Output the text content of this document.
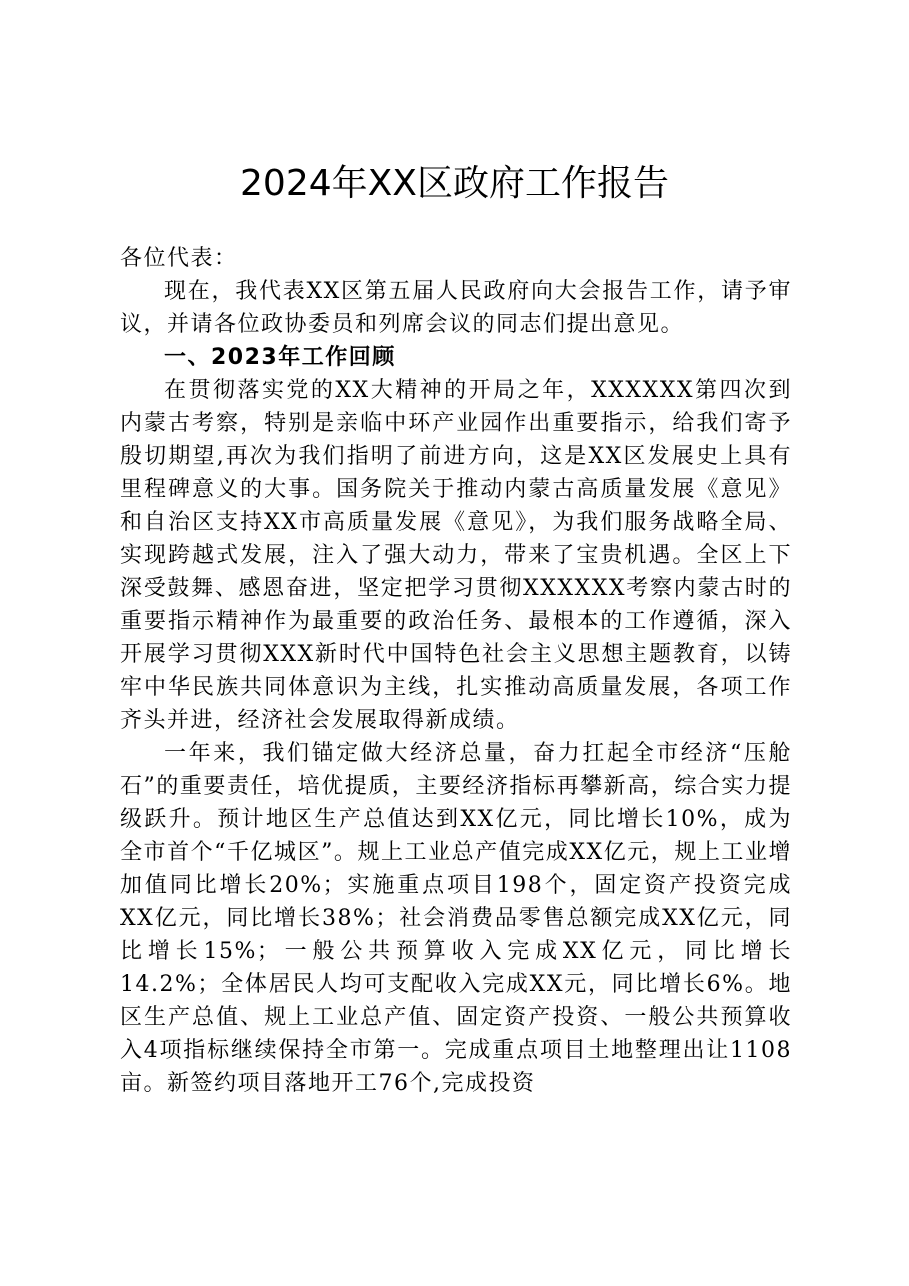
2024年XX区政府工作报告

各位代表：

现在，我代表XX区第五届人民政府向大会报告工作，请予审议，并请各位政协委员和列席会议的同志们提出意见。

一、2023年工作回顾

在贯彻落实党的XX大精神的开局之年，XXXXXX第四次到内蒙古考察，特别是亲临中环产业园作出重要指示，给我们寄予殷切期望,再次为我们指明了前进方向，这是XX区发展史上具有里程碑意义的大事。国务院关于推动内蒙古高质量发展《意见》和自治区支持XX市高质量发展《意见》，为我们服务战略全局、实现跨越式发展，注入了强大动力，带来了宝贵机遇。全区上下深受鼓舞、感恩奋进，坚定把学习贯彻XXXXXX考察内蒙古时的重要指示精神作为最重要的政治任务、最根本的工作遵循，深入开展学习贯彻XXX新时代中国特色社会主义思想主题教育，以铸牢中华民族共同体意识为主线，扎实推动高质量发展，各项工作齐头并进，经济社会发展取得新成绩。

一年来，我们锚定做大经济总量，奋力扛起全市经济“压舱石”的重要责任，培优提质，主要经济指标再攀新高，综合实力提级跃升。预计地区生产总值达到XX亿元，同比增长10%，成为全市首个“千亿城区”。规上工业总产值完成XX亿元，规上工业增加值同比增长20%；实施重点项目198个，固定资产投资完成XX亿元，同比增长38%；社会消费品零售总额完成XX亿元，同比增长15%；一般公共预算收入完成XX亿元，同比增长14.2%；全体居民人均可支配收入完成XX元，同比增长6%。地区生产总值、规上工业总产值、固定资产投资、一般公共预算收入4项指标继续保持全市第一。完成重点项目土地整理出让1108亩。新签约项目落地开工76个,完成投资
